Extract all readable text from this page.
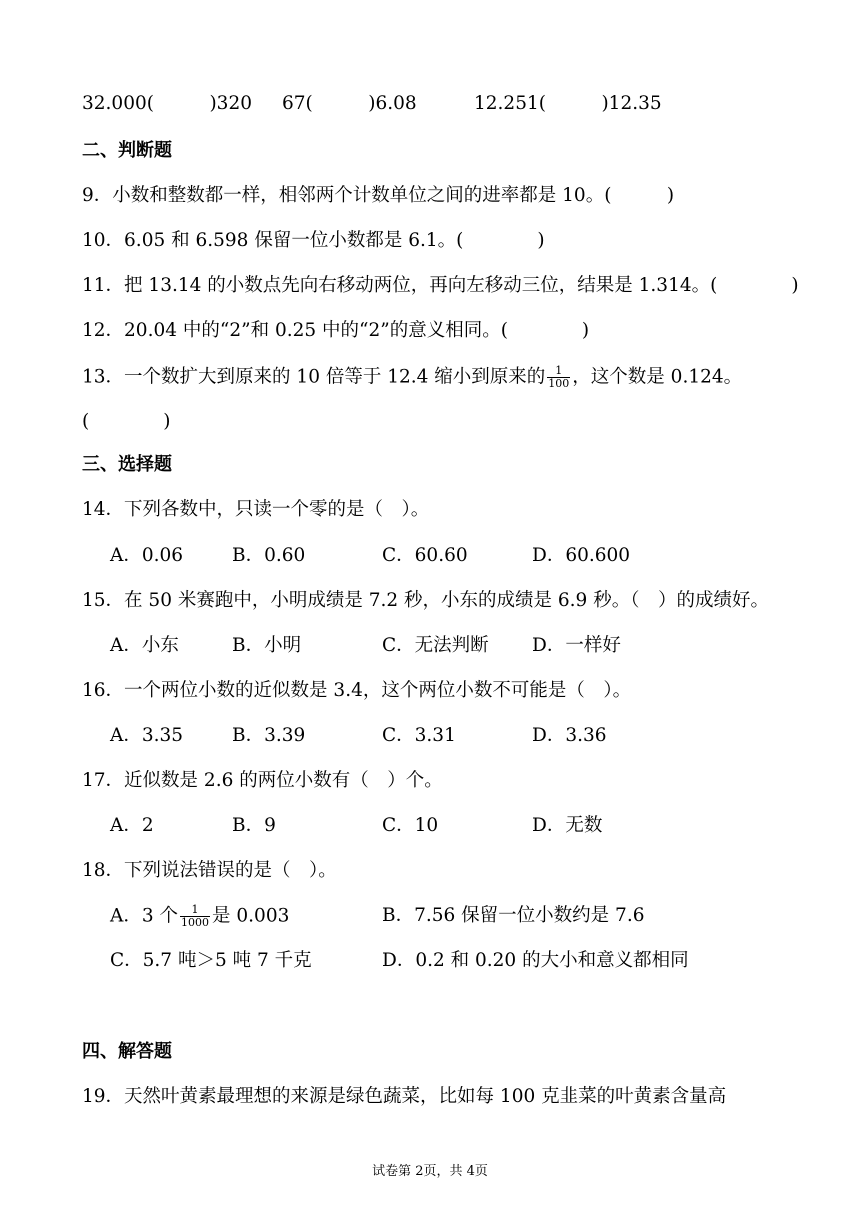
32.000(　　　)320 67(　　　)6.08	12.251(　　　)12.35
二、判断题
9．小数和整数都一样，相邻两个计数单位之间的进率都是 10。(　　　)
10．6.05 和 6.598 保留一位小数都是 6.1。(　　　　)
11．把 13.14 的小数点先向右移动两位，再向左移动三位，结果是 1.314。(　　　　)
12．20.04 中的“2”和 0.25 中的“2”的意义相同。(　　　　)
13．一个数扩大到原来的 10 倍等于 12.4 缩小到原来的 $\frac{1}{100}$ ，这个数是 0.124。
(　　　　)
三、选择题
14．下列各数中，只读一个零的是（　）。
A．0.06	B．0.60	C．60.60	D．60.600
15．在 50 米赛跑中，小明成绩是 7.2 秒，小东的成绩是 6.9 秒。（　）的成绩好。
A．小东	B．小明	C．无法判断 D．一样好
16．一个两位小数的近似数是 3.4，这个两位小数不可能是（　）。
A．3.35	B．3.39	C．3.31	D．3.36
17．近似数是 2.6 的两位小数有（　）个。
A．2	B．9	C．10	D．无数
18．下列说法错误的是（　）。
A．3 个 $\frac{1}{1000}$ 是 0.003	B．7.56 保留一位小数约是 7.6
C．5.7 吨＞5 吨 7 千克	D．0.2 和 0.20 的大小和意义都相同
四、解答题
19．天然叶黄素最理想的来源是绿色蔬菜，比如每 100 克韭菜的叶黄素含量高
试卷第 2页，共 4页
